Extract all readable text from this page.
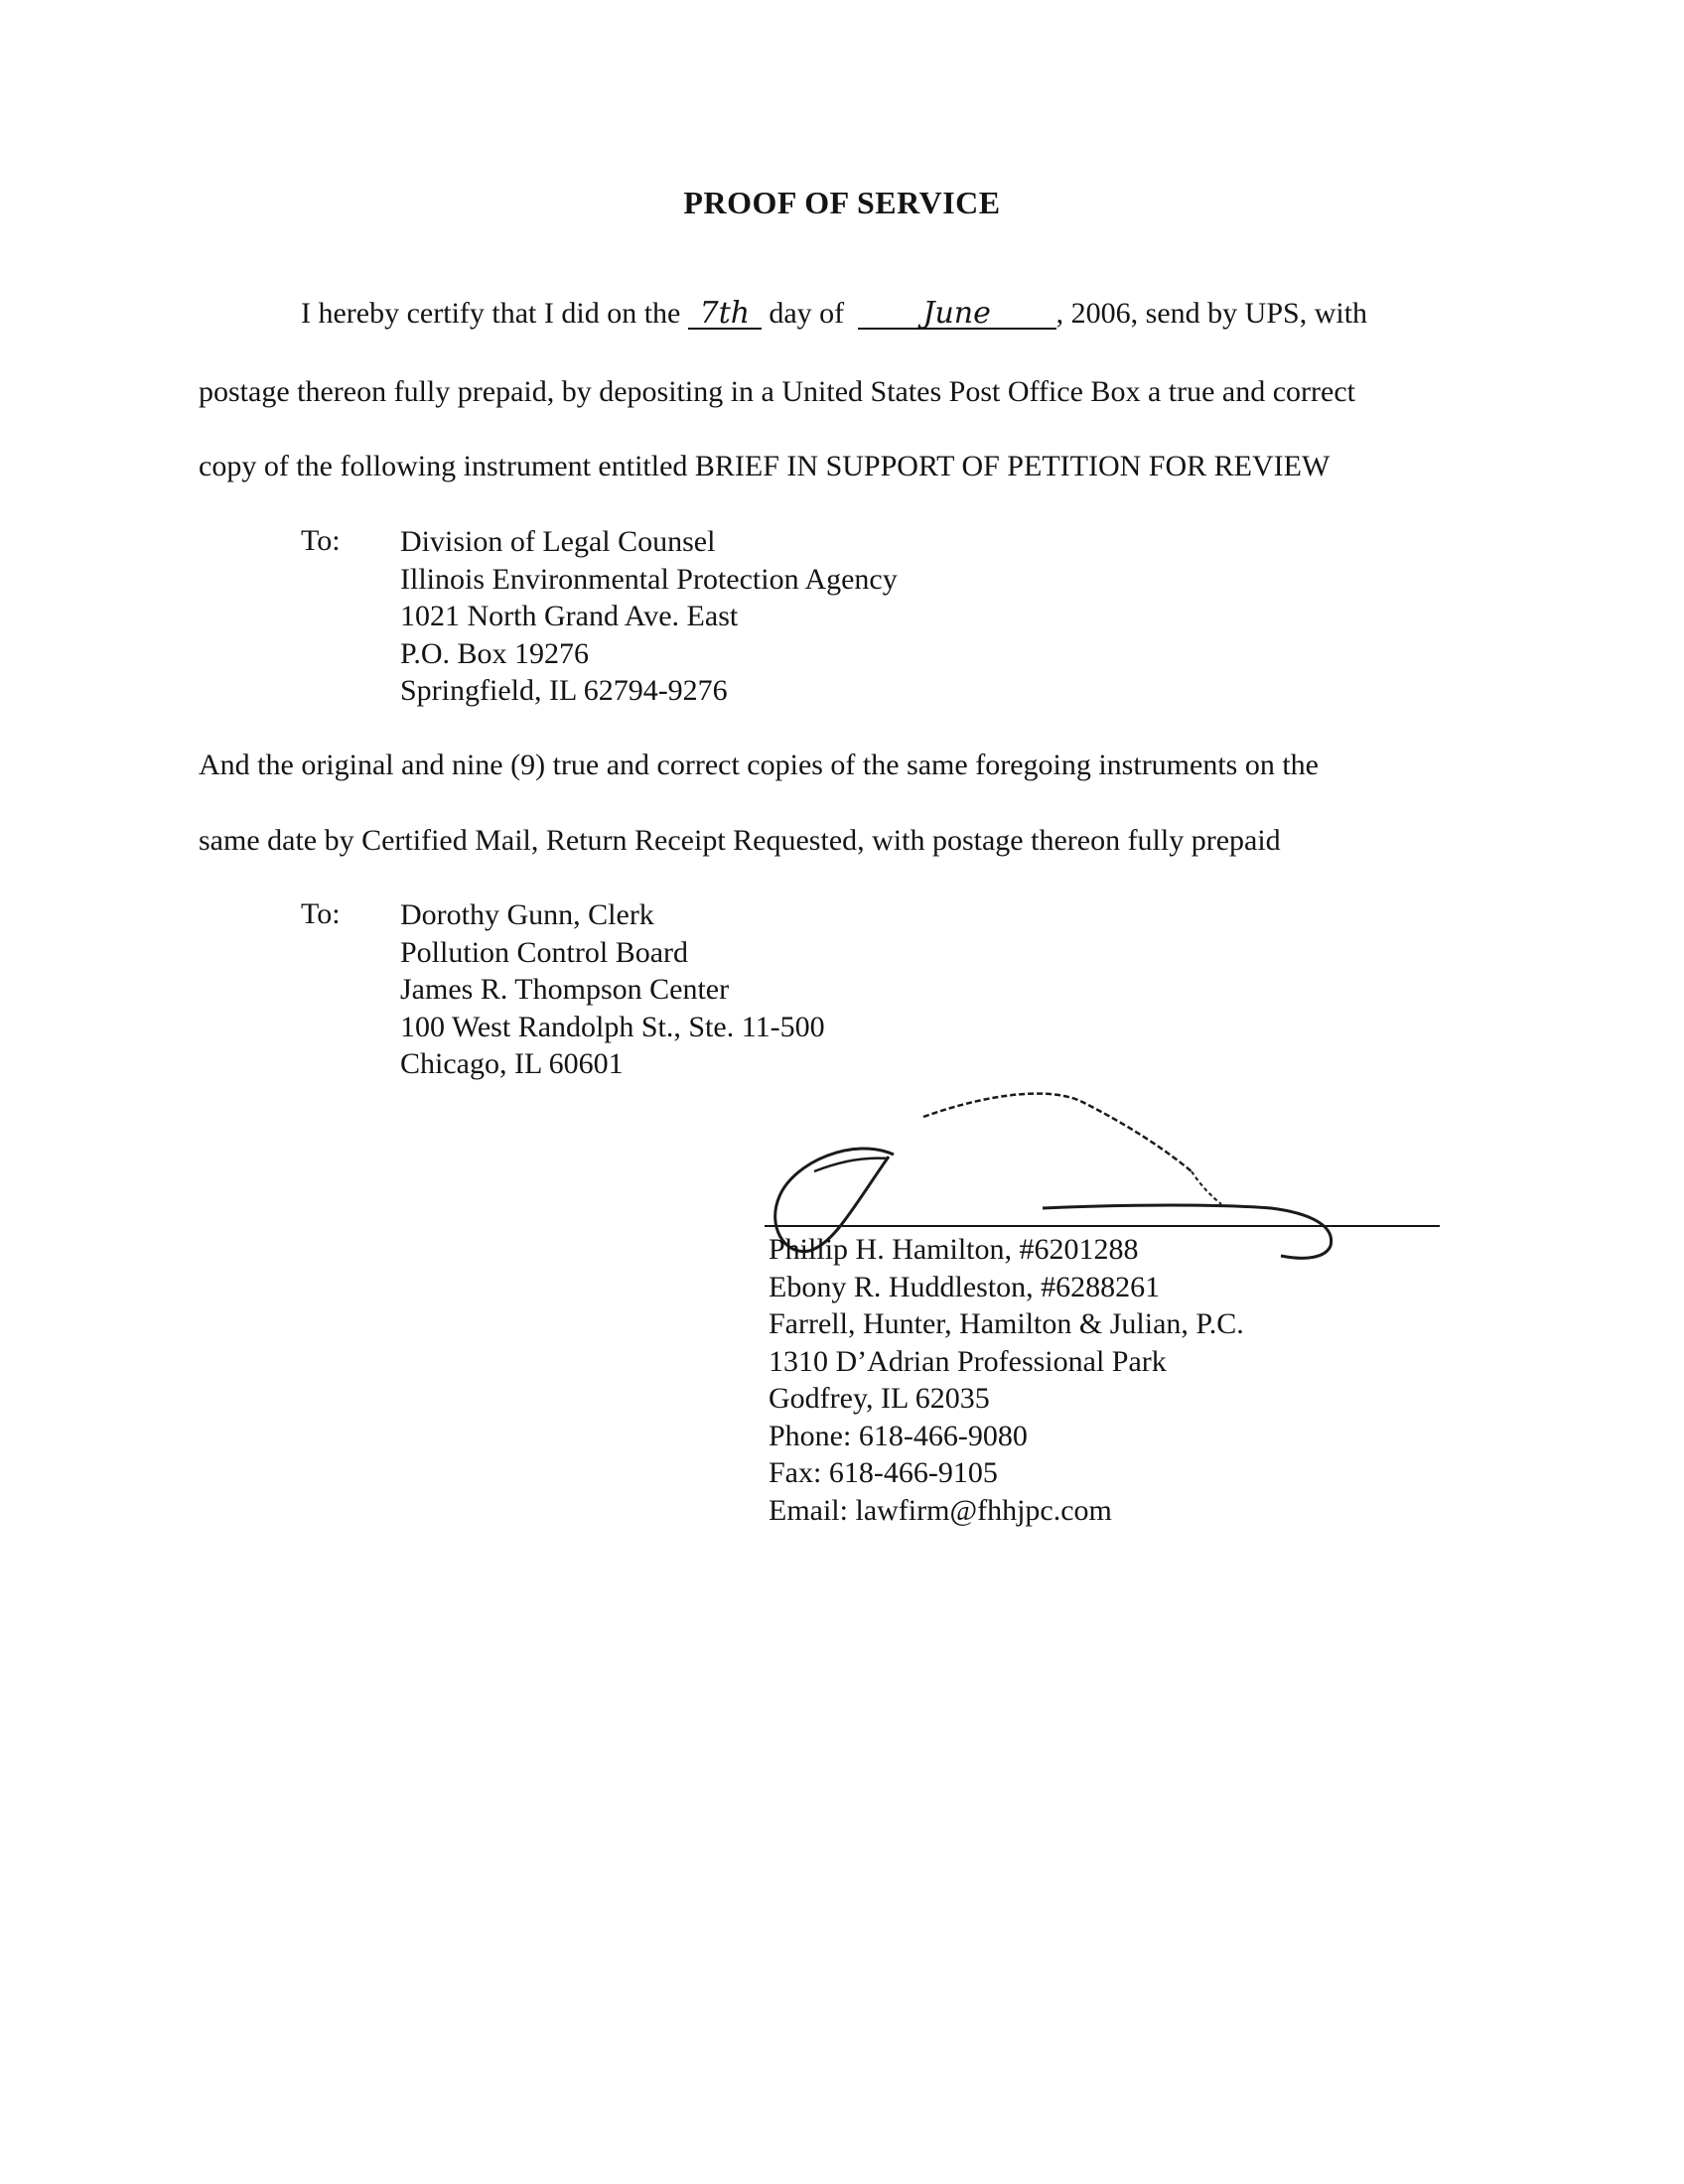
PROOF OF SERVICE
I hereby certify that I did on the 7th day of	June , 2006, send by UPS, with
postage thereon fully prepaid, by depositing in a United States Post Office Box a true and correct
copy of the following instrument entitled BRIEF IN SUPPORT OF PETITION FOR REVIEW
To: Division of Legal Counsel
Illinois Environmental Protection Agency
1021 North Grand Ave. East
P.O. Box 19276
Springfield, IL 62794-9276
And the original and nine (9) true and correct copies of the same foregoing instruments on the
same date by Certified Mail, Return Receipt Requested, with postage thereon fully prepaid
To: Dorothy Gunn, Clerk
Pollution Control Board
James R. Thompson Center
100 West Randolph St., Ste. 11-500
Chicago, IL 60601
Phillip H. Hamilton, #6201288
Ebony R. Huddleston, #6288261
Farrell, Hunter, Hamilton & Julian, P.C.
1310 D’Adrian Professional Park
Godfrey, IL 62035
Phone: 618-466-9080
Fax: 618-466-9105
Email: lawfirm@fhhjpc.com
